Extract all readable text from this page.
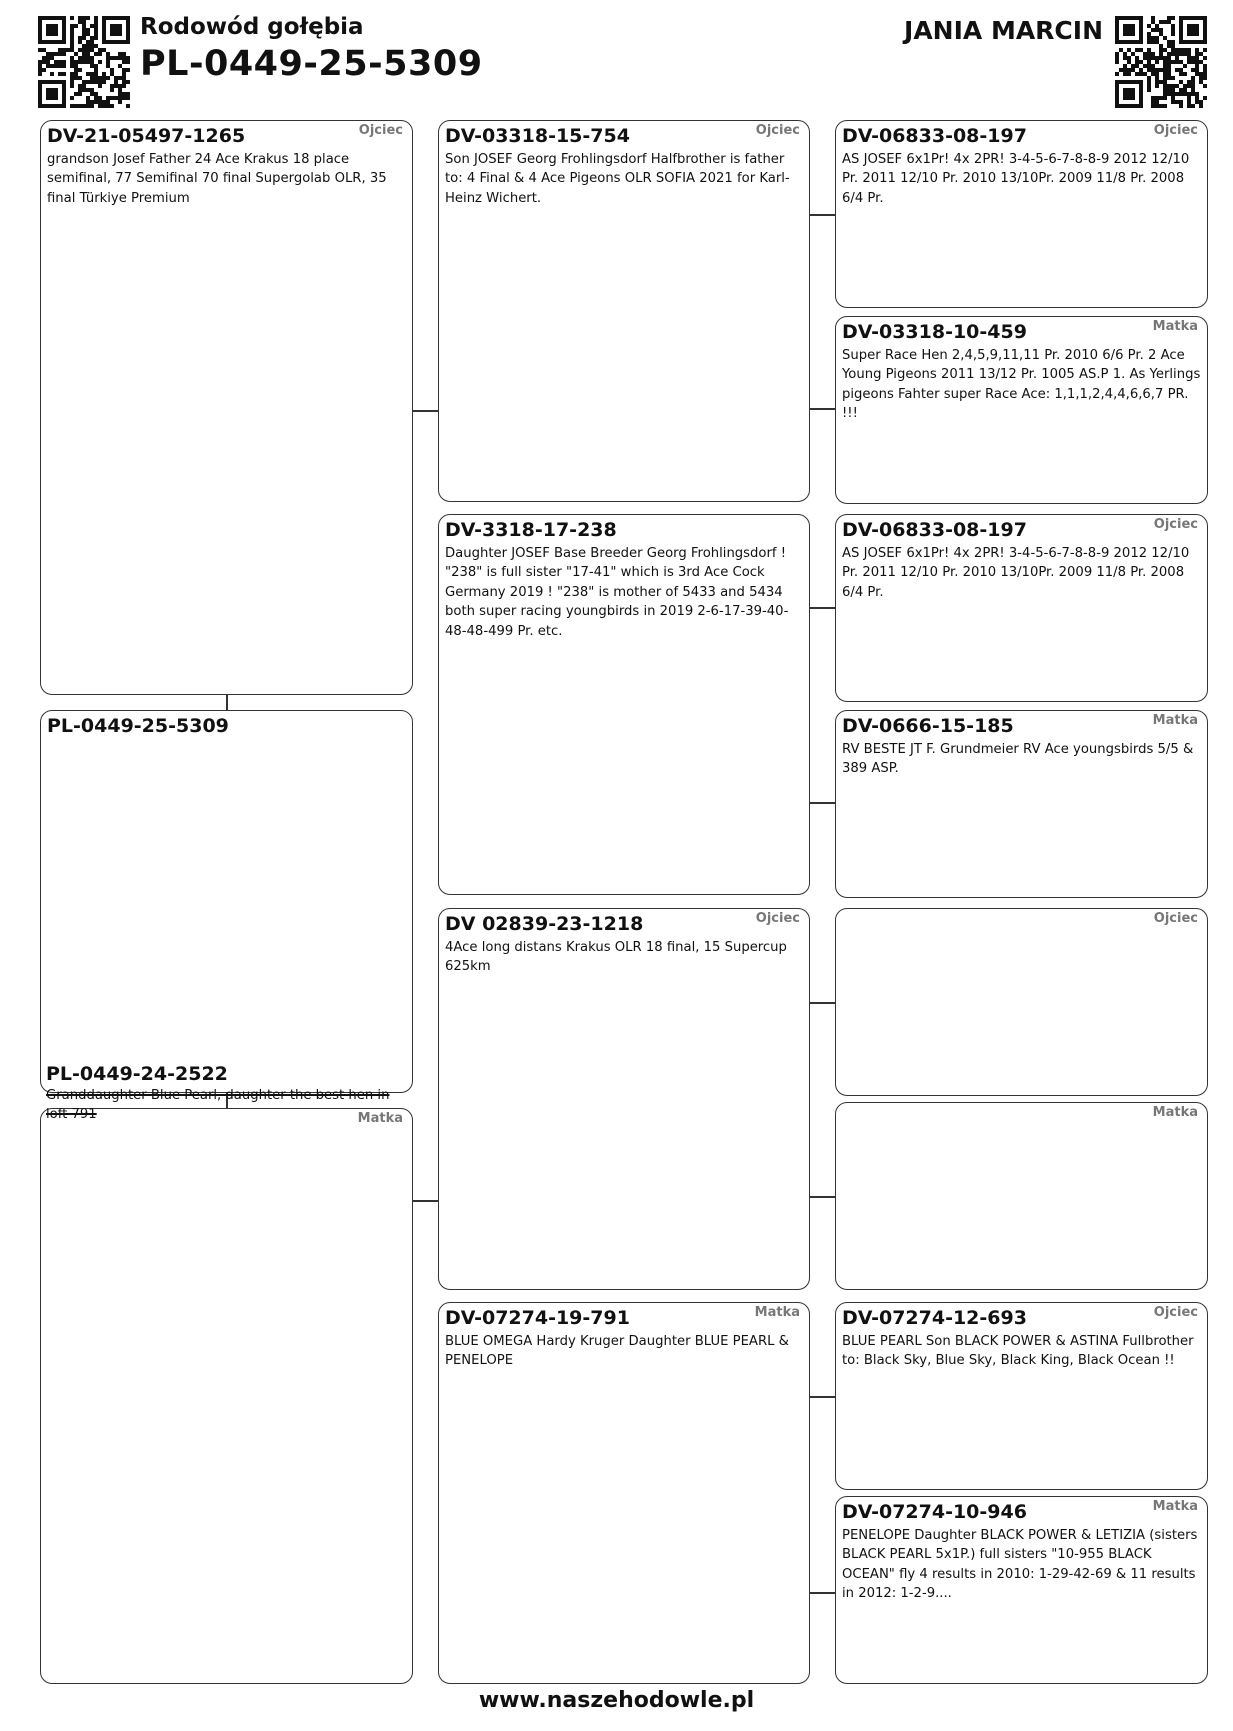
Rodowód gołębia
PL-0449-25-5309
JANIA MARCIN
DV-21-05497-1265	Ojciec
grandson Josef Father 24 Ace Krakus 18 place semifinal, 77 Semifinal 70 final Supergolab OLR, 35 final Türkiye Premium
PL-0449-25-5309
Matka
PL-0449-24-2522
Granddaughter Blue Pearl, daughter the best hen in loft 791
DV-03318-15-754	Ojciec
Son JOSEF Georg Frohlingsdorf Halfbrother is father to: 4 Final & 4 Ace Pigeons OLR SOFIA 2021 for Karl-Heinz Wichert.
DV-3318-17-238
Daughter JOSEF Base Breeder Georg Frohlingsdorf ! "238" is full sister "17-41" which is 3rd Ace Cock Germany 2019 ! "238" is mother of 5433 and 5434 both super racing youngbirds in 2019 2-6-17-39-40-48-48-499 Pr. etc.
DV 02839-23-1218	Ojciec
4Ace long distans Krakus OLR 18 final, 15 Supercup 625km
DV-07274-19-791	Matka
BLUE OMEGA Hardy Kruger Daughter BLUE PEARL & PENELOPE
DV-06833-08-197	Ojciec
AS JOSEF 6x1Pr! 4x 2PR! 3-4-5-6-7-8-8-9 2012 12/10 Pr. 2011 12/10 Pr. 2010 13/10Pr. 2009 11/8 Pr. 2008 6/4 Pr.
DV-03318-10-459	Matka
Super Race Hen 2,4,5,9,11,11 Pr. 2010 6/6 Pr. 2 Ace Young Pigeons 2011 13/12 Pr. 1005 AS.P 1. As Yerlings pigeons Fahter super Race Ace: 1,1,1,2,4,4,6,6,7 PR. !!!
DV-06833-08-197	Ojciec
AS JOSEF 6x1Pr! 4x 2PR! 3-4-5-6-7-8-8-9 2012 12/10 Pr. 2011 12/10 Pr. 2010 13/10Pr. 2009 11/8 Pr. 2008 6/4 Pr.
DV-0666-15-185	Matka
RV BESTE JT F. Grundmeier RV Ace youngsbirds 5/5 & 389 ASP.
Ojciec
Matka
DV-07274-12-693	Ojciec
BLUE PEARL Son BLACK POWER & ASTINA Fullbrother to: Black Sky, Blue Sky, Black King, Black Ocean !!
DV-07274-10-946	Matka
PENELOPE Daughter BLACK POWER & LETIZIA (sisters BLACK PEARL 5x1P.) full sisters "10-955 BLACK OCEAN" fly 4 results in 2010: 1-29-42-69 & 11 results in 2012: 1-2-9....
www.naszehodowle.pl
